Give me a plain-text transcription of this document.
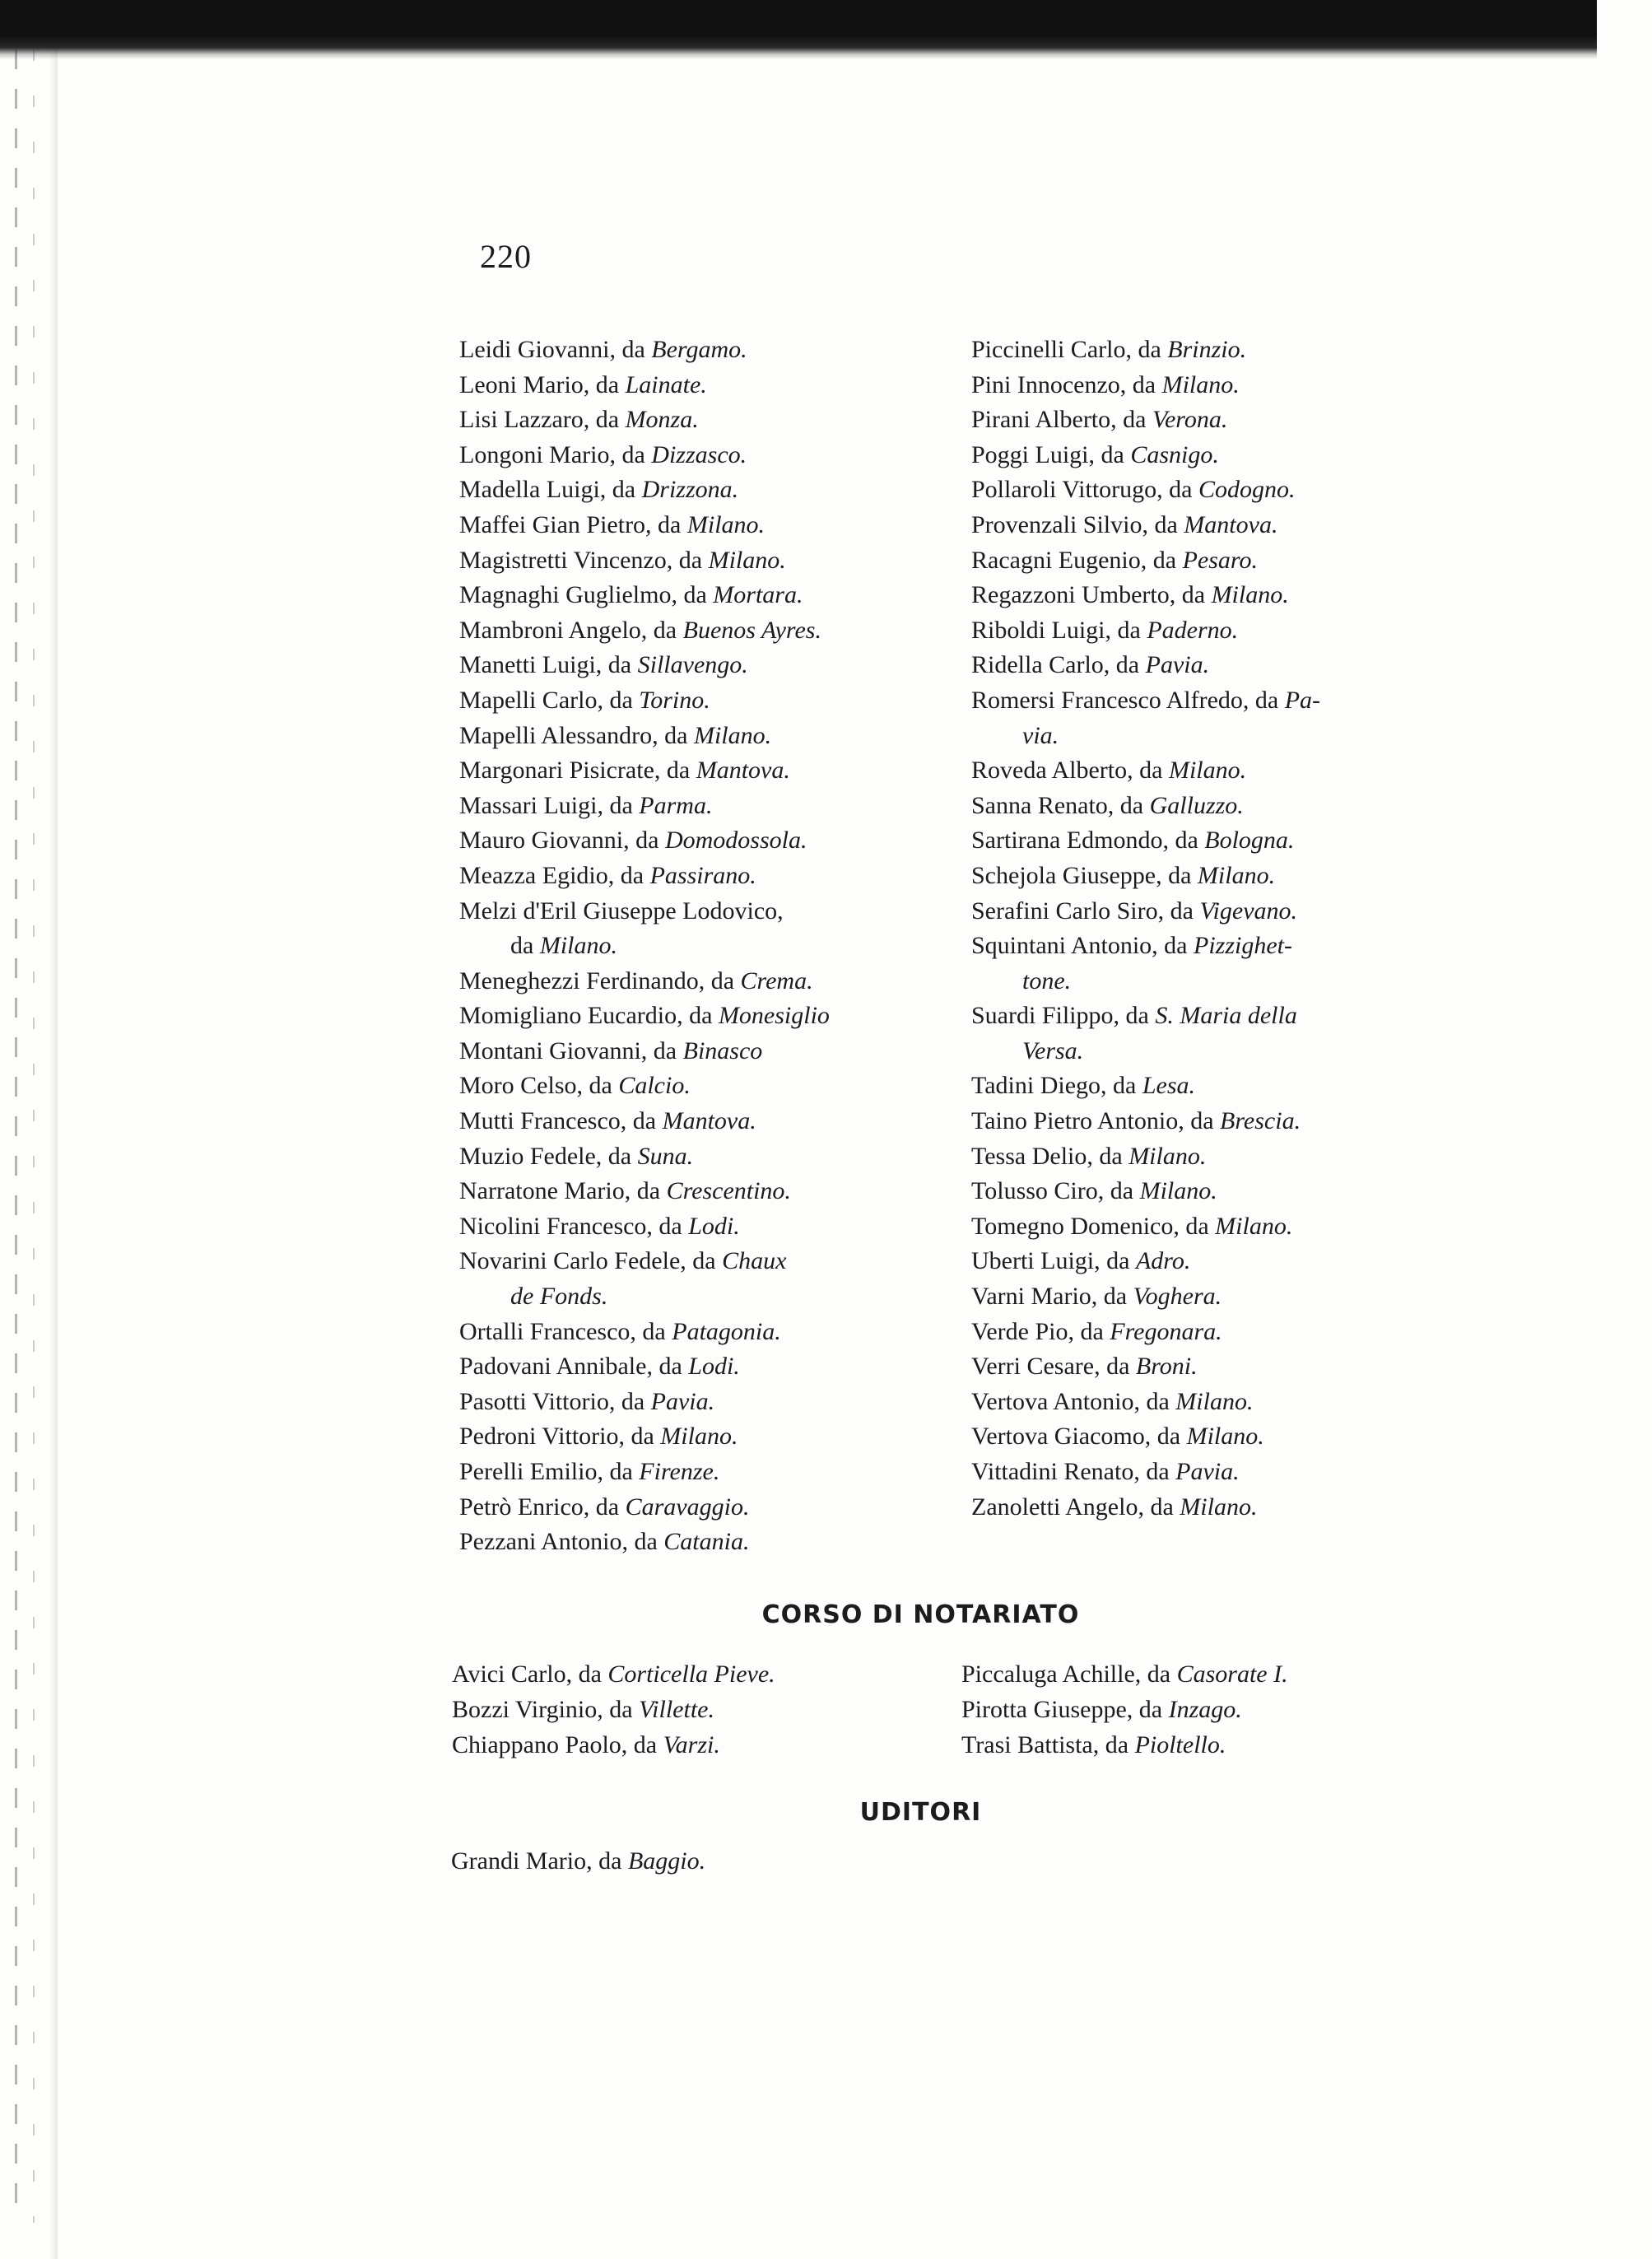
220
Leidi Giovanni, da Bergamo.
Leoni Mario, da Lainate.
Lisi Lazzaro, da Monza.
Longoni Mario, da Dizzasco.
Madella Luigi, da Drizzona.
Maffei Gian Pietro, da Milano.
Magistretti Vincenzo, da Milano.
Magnaghi Guglielmo, da Mortara.
Mambroni Angelo, da Buenos Ayres.
Manetti Luigi, da Sillavengo.
Mapelli Carlo, da Torino.
Mapelli Alessandro, da Milano.
Margonari Pisicrate, da Mantova.
Massari Luigi, da Parma.
Mauro Giovanni, da Domodossola.
Meazza Egidio, da Passirano.
Melzi d'Eril Giuseppe Lodovico,
da Milano.
Meneghezzi Ferdinando, da Crema.
Momigliano Eucardio, da Monesiglio
Montani Giovanni, da Binasco
Moro Celso, da Calcio.
Mutti Francesco, da Mantova.
Muzio Fedele, da Suna.
Narratone Mario, da Crescentino.
Nicolini Francesco, da Lodi.
Novarini Carlo Fedele, da Chaux
de Fonds.
Ortalli Francesco, da Patagonia.
Padovani Annibale, da Lodi.
Pasotti Vittorio, da Pavia.
Pedroni Vittorio, da Milano.
Perelli Emilio, da Firenze.
Petrò Enrico, da Caravaggio.
Pezzani Antonio, da Catania.
Piccinelli Carlo, da Brinzio.
Pini Innocenzo, da Milano.
Pirani Alberto, da Verona.
Poggi Luigi, da Casnigo.
Pollaroli Vittorugo, da Codogno.
Provenzali Silvio, da Mantova.
Racagni Eugenio, da Pesaro.
Regazzoni Umberto, da Milano.
Riboldi Luigi, da Paderno.
Ridella Carlo, da Pavia.
Romersi Francesco Alfredo, da Pa-
via.
Roveda Alberto, da Milano.
Sanna Renato, da Galluzzo.
Sartirana Edmondo, da Bologna.
Schejola Giuseppe, da Milano.
Serafini Carlo Siro, da Vigevano.
Squintani Antonio, da Pizzighet-
tone.
Suardi Filippo, da S. Maria della
Versa.
Tadini Diego, da Lesa.
Taino Pietro Antonio, da Brescia.
Tessa Delio, da Milano.
Tolusso Ciro, da Milano.
Tomegno Domenico, da Milano.
Uberti Luigi, da Adro.
Varni Mario, da Voghera.
Verde Pio, da Fregonara.
Verri Cesare, da Broni.
Vertova Antonio, da Milano.
Vertova Giacomo, da Milano.
Vittadini Renato, da Pavia.
Zanoletti Angelo, da Milano.
CORSO DI NOTARIATO
Avici Carlo, da Corticella Pieve.
Bozzi Virginio, da Villette.
Chiappano Paolo, da Varzi.
Piccaluga Achille, da Casorate I.
Pirotta Giuseppe, da Inzago.
Trasi Battista, da Pioltello.
UDITORI
Grandi Mario, da Baggio.
